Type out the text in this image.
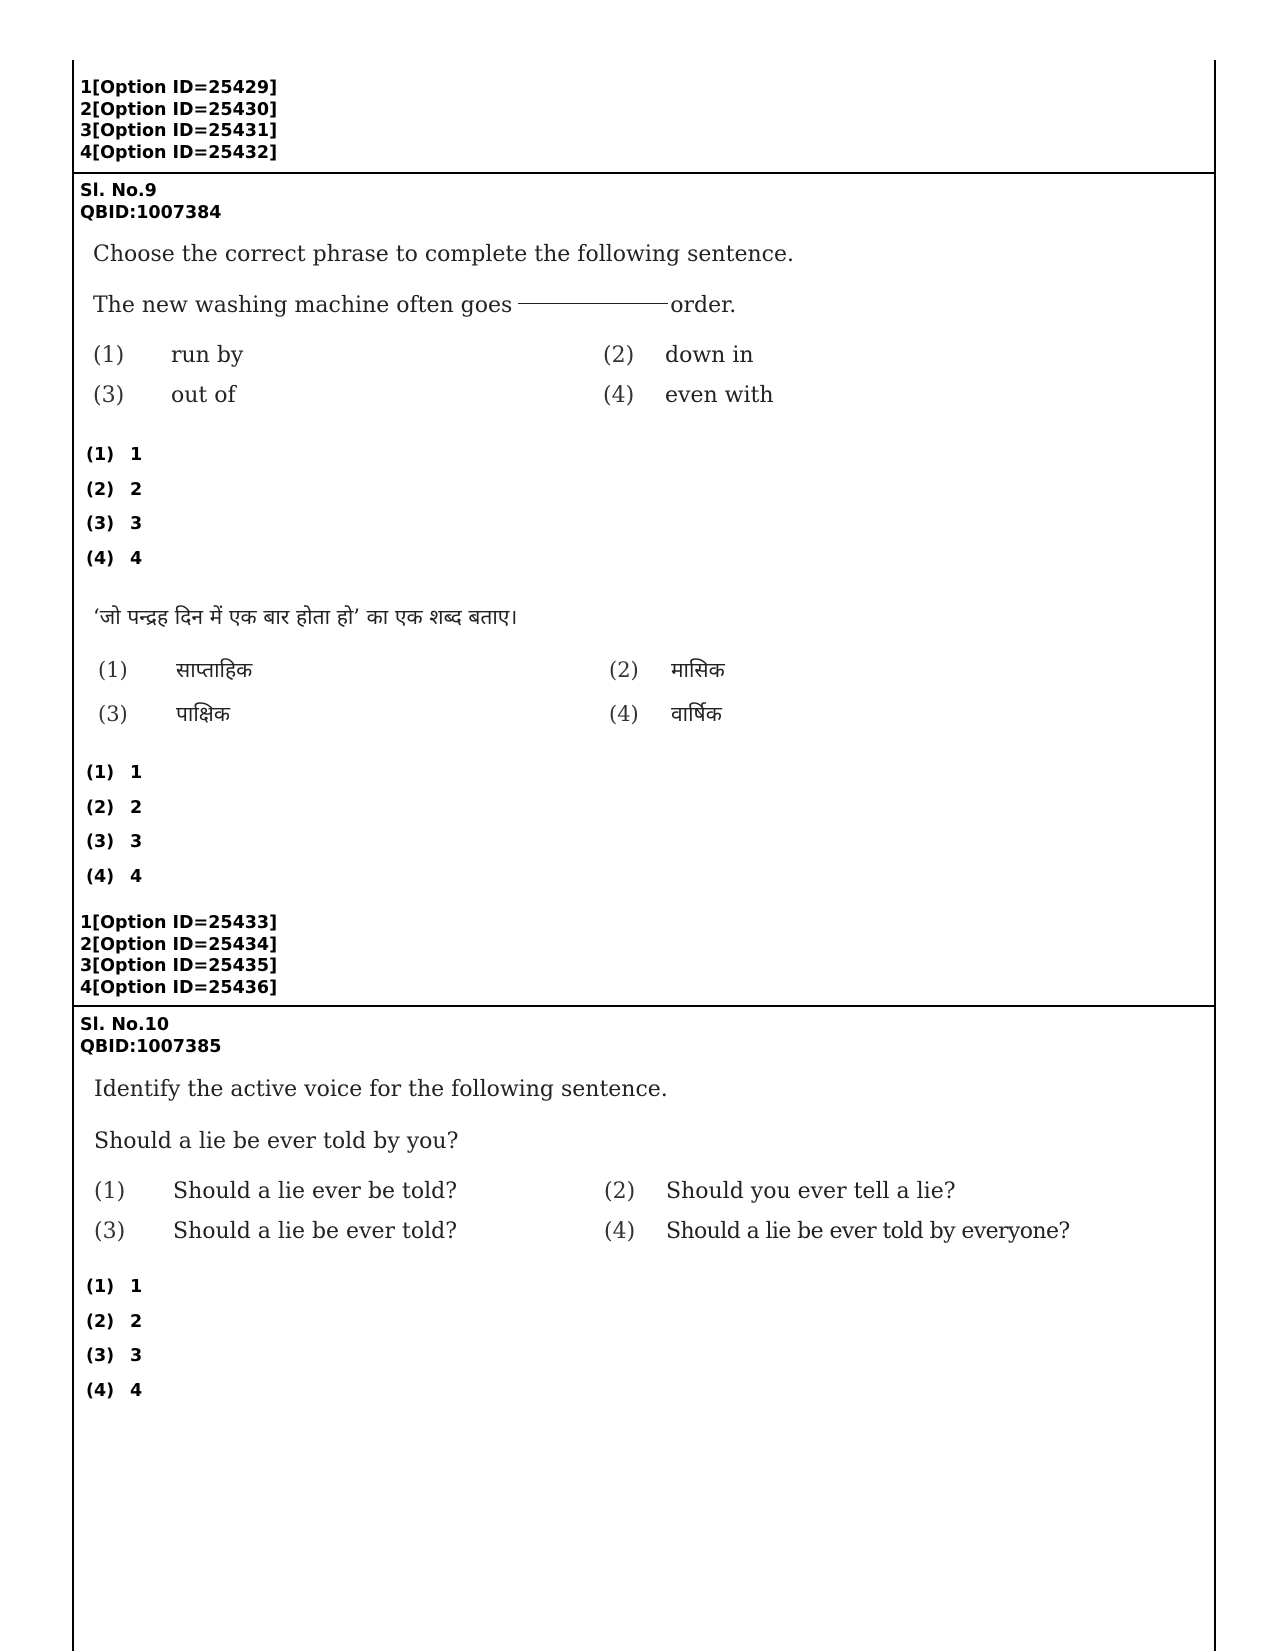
1[Option ID=25429]
2[Option ID=25430]
3[Option ID=25431]
4[Option ID=25432]
Sl. No.9
QBID:1007384
Choose the correct phrase to complete the following sentence.
The new washing machine often goes	order.
(1) run by	(2) down in
(3) out of	(4) even with
(1) 1
(2) 2
(3) 3
(4) 4
‘जो पन्द्रह दिन में एक बार होता हो’ का एक शब्द बताए।
(1) साप्ताहिक	(2) मासिक
(3) पाक्षिक	(4) वार्षिक
(1) 1
(2) 2
(3) 3
(4) 4
1[Option ID=25433]
2[Option ID=25434]
3[Option ID=25435]
4[Option ID=25436]
Sl. No.10
QBID:1007385
Identify the active voice for the following sentence.
Should a lie be ever told by you?
(1) Should a lie ever be told?	(2) Should you ever tell a lie?
(3) Should a lie be ever told?	(4) Should a lie be ever told by everyone?
(1) 1
(2) 2
(3) 3
(4) 4
